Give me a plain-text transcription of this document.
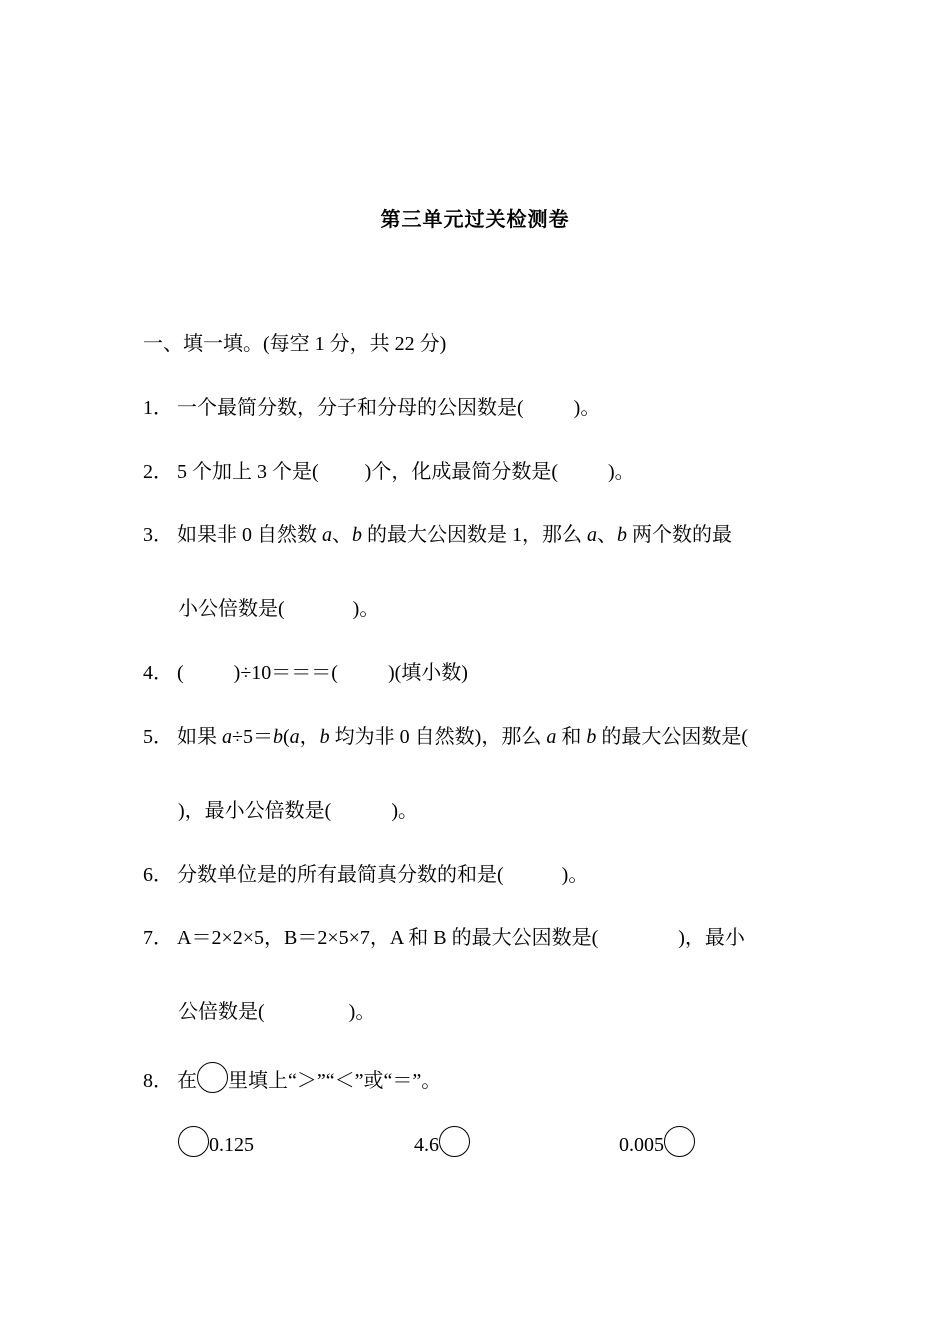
第三单元过关检测卷
一、填一填。(每空 1 分，共 22 分)
1． 一个最简分数，分子和分母的公因数是(	)。
2． 5 个加上 3 个是( )个，化成最简分数是(	)。
3． 如果非 0 自然数 a、b 的最大公因数是 1，那么 a、b 两个数的最
小公倍数是(	)。
4． (	)÷10＝＝＝(	)(填小数)
5． 如果 a÷5＝b(a，b 均为非 0 自然数)，那么 a 和 b 的最大公因数是(
)，最小公倍数是(	)。
6． 分数单位是的所有最简真分数的和是(	)。
7． A＝2×2×5，B＝2×5×7，A 和 B 的最大公因数是(	)，最小
公倍数是(	)。
8． 在 里填上“＞”“＜”或“＝”。
0.125	4.6	0.005
